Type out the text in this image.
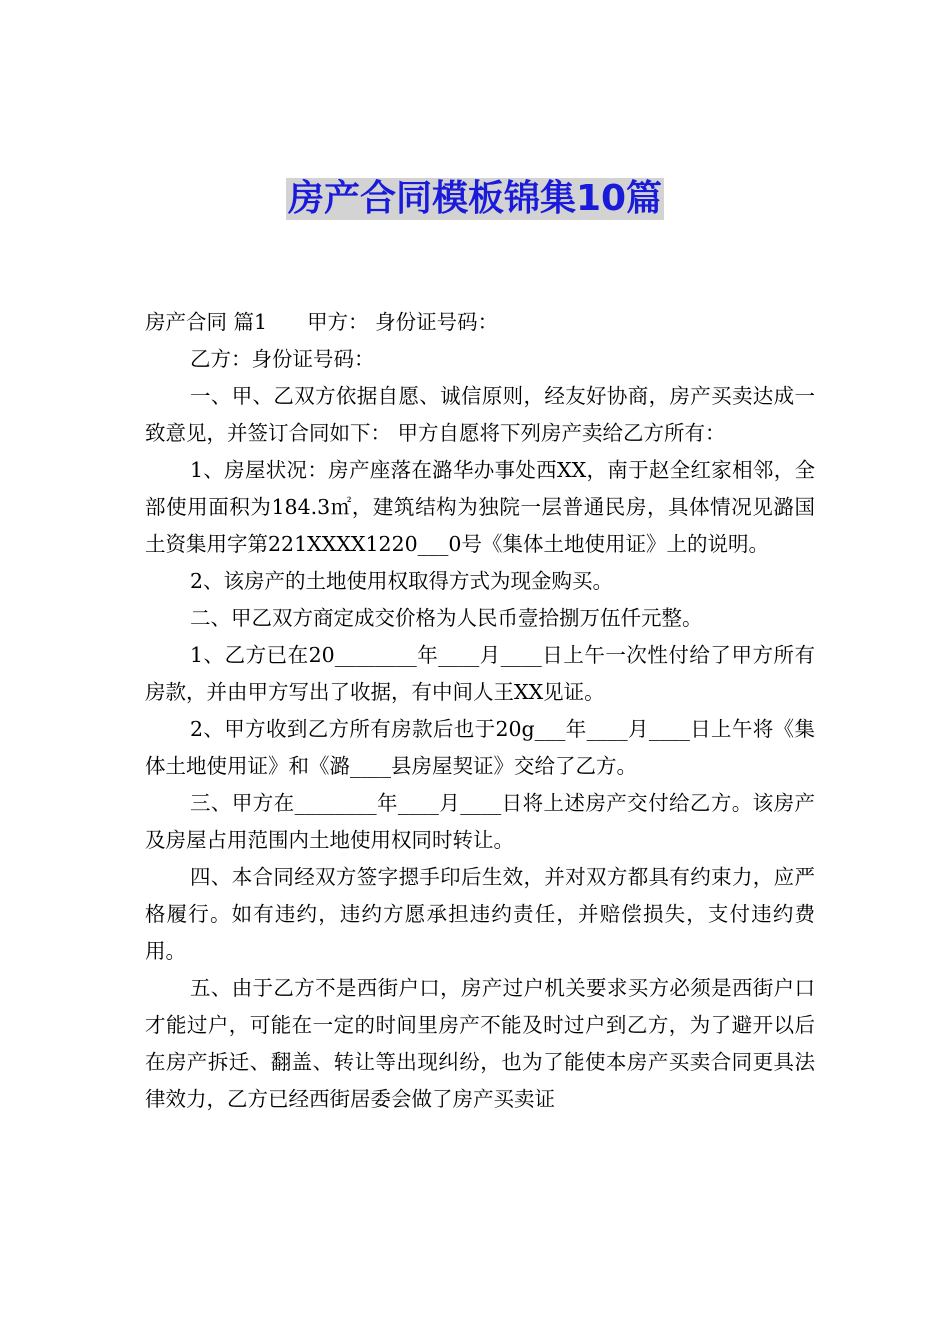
房产合同模板锦集10篇

房产合同 篇1 甲方： 身份证号码：

乙方：身份证号码：

一、甲、乙双方依据自愿、诚信原则，经友好协商，房产买卖达成一致意见，并签订合同如下： 甲方自愿将下列房产卖给乙方所有：

1、房屋状况：房产座落在潞华办事处西XX，南于赵全红家相邻，全部使用面积为184.3㎡，建筑结构为独院一层普通民房，具体情况见潞国土资集用字第221XXXX1220___0号《集体土地使用证》上的说明。

2、该房产的土地使用权取得方式为现金购买。

二、甲乙双方商定成交价格为人民币壹拾捌万伍仟元整。

1、乙方已在20________年____月____日上午一次性付给了甲方所有房款，并由甲方写出了收据，有中间人王XX见证。

2、甲方收到乙方所有房款后也于20g___年____月____日上午将《集体土地使用证》和《潞____县房屋契证》交给了乙方。

三、甲方在________年____月____日将上述房产交付给乙方。该房产及房屋占用范围内土地使用权同时转让。

四、本合同经双方签字摁手印后生效，并对双方都具有约束力，应严格履行。如有违约，违约方愿承担违约责任，并赔偿损失，支付违约费用。

五、由于乙方不是西街户口，房产过户机关要求买方必须是西街户口才能过户，可能在一定的时间里房产不能及时过户到乙方，为了避开以后在房产拆迁、翻盖、转让等出现纠纷，也为了能使本房产买卖合同更具法律效力，乙方已经西街居委会做了房产买卖证
